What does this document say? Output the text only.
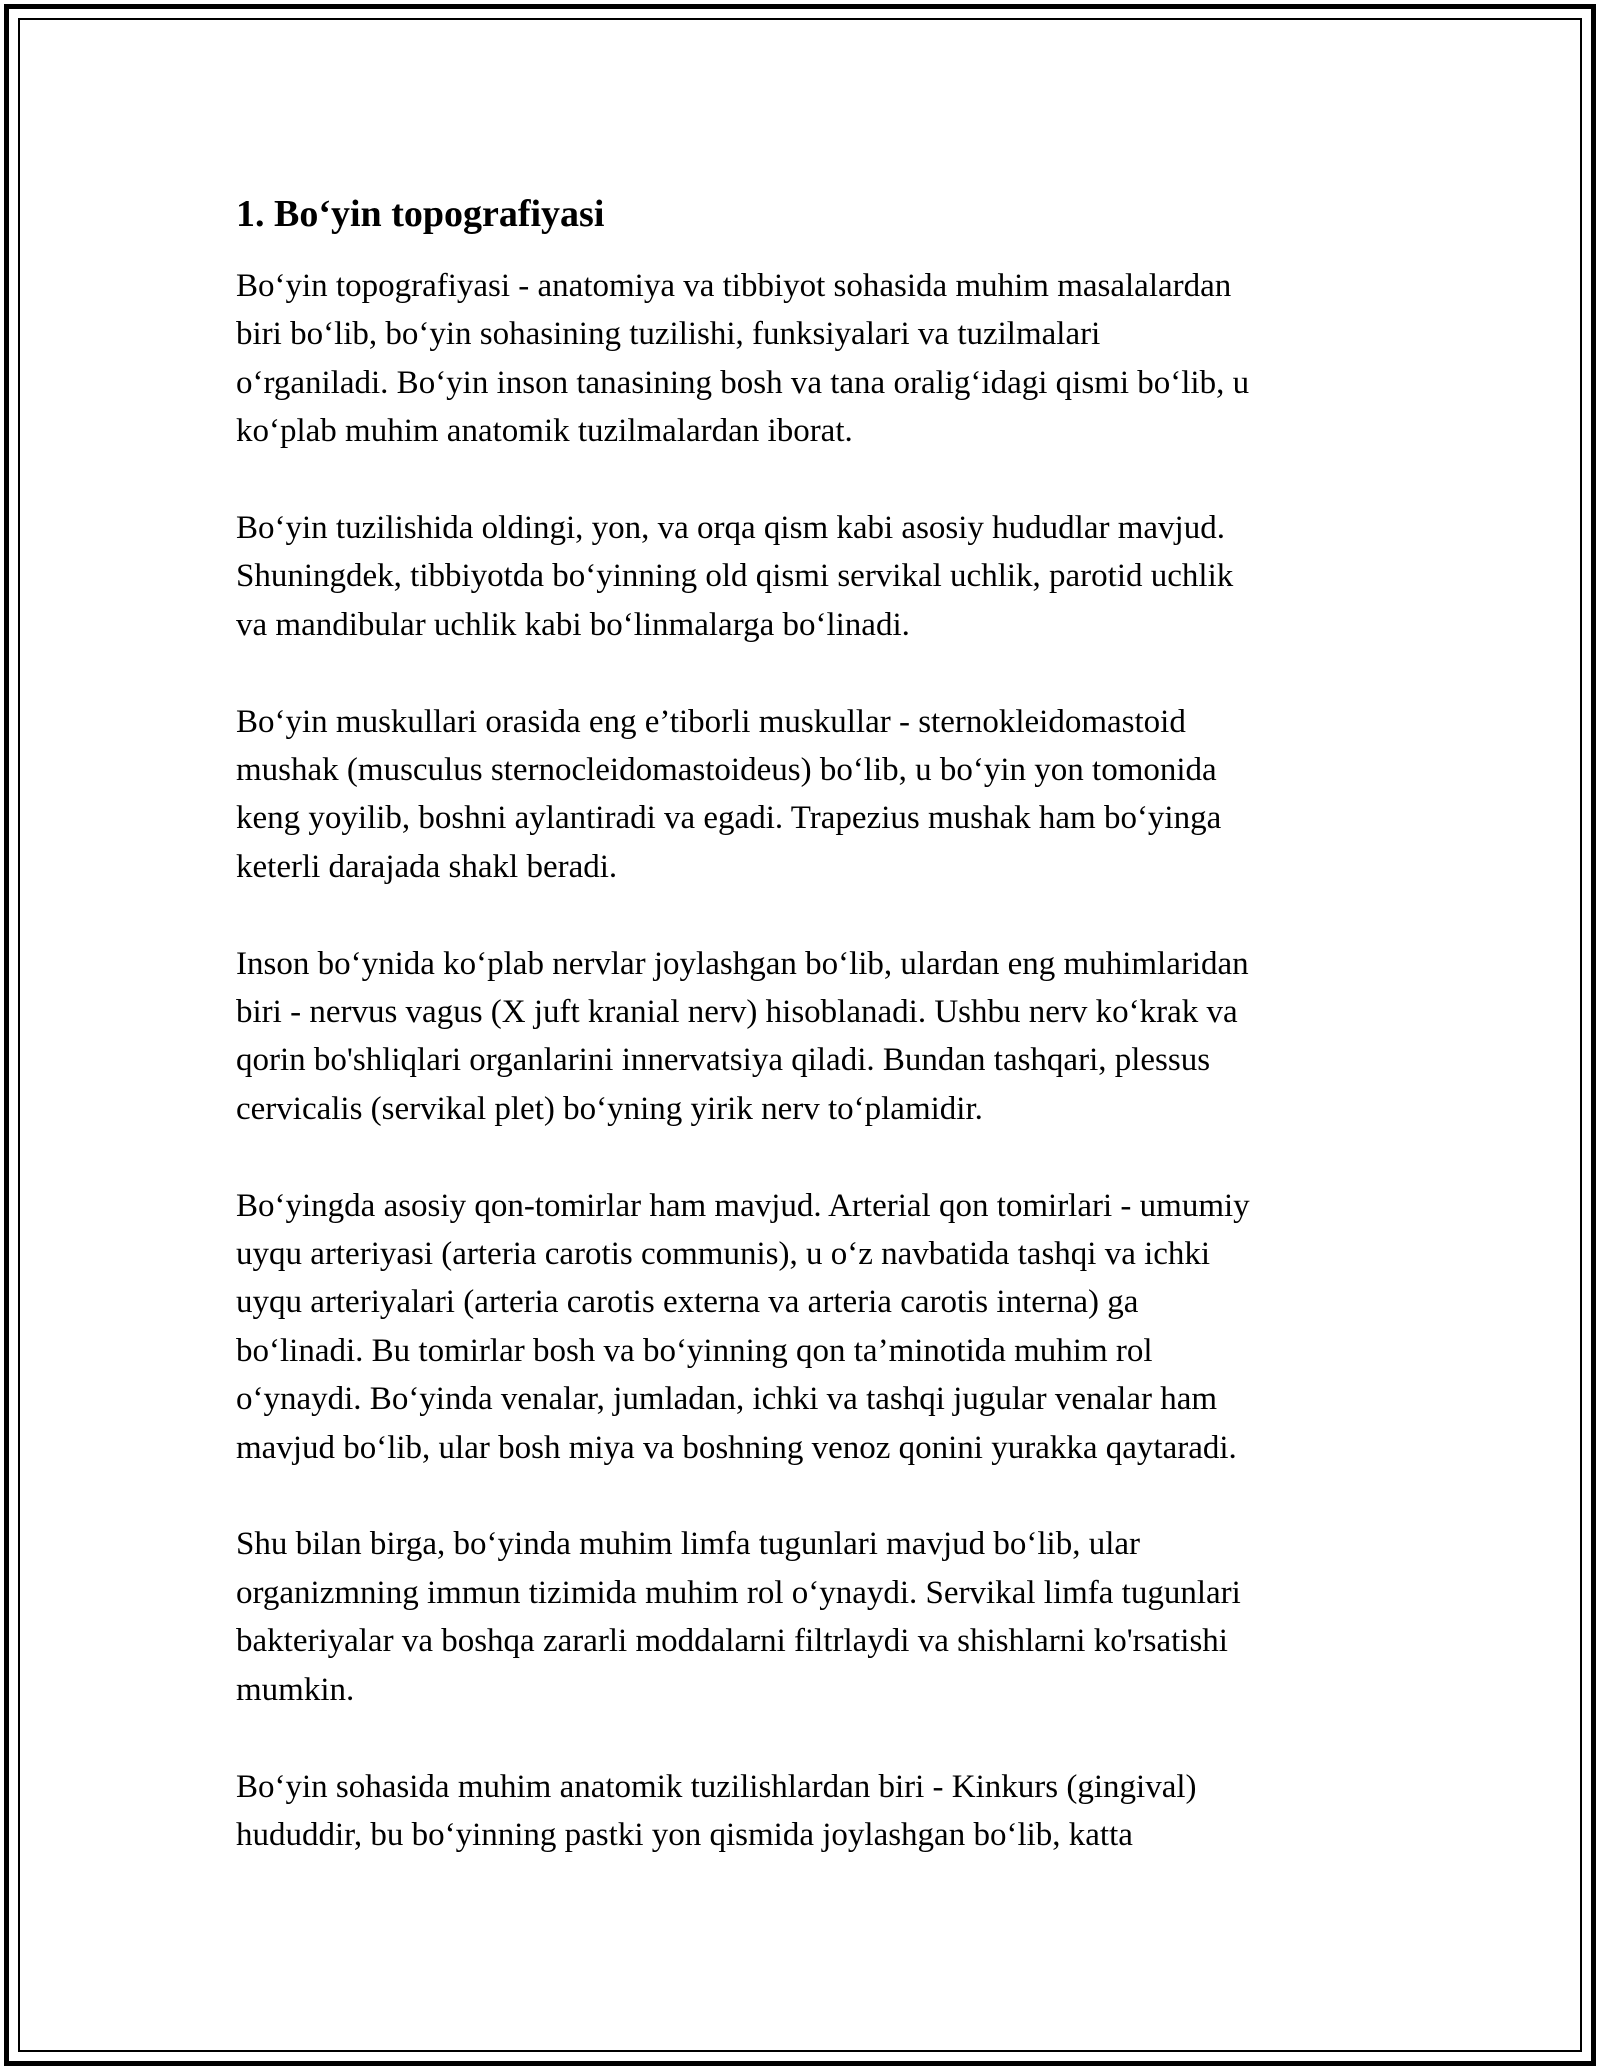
1. Bo‘yin topografiyasi

Bo‘yin topografiyasi - anatomiya va tibbiyot sohasida muhim masalalardan
biri bo‘lib, bo‘yin sohasining tuzilishi, funksiyalari va tuzilmalari
o‘rganiladi. Bo‘yin inson tanasining bosh va tana oralig‘idagi qismi bo‘lib, u
ko‘plab muhim anatomik tuzilmalardan iborat.

Bo‘yin tuzilishida oldingi, yon, va orqa qism kabi asosiy hududlar mavjud.
Shuningdek, tibbiyotda bo‘yinning old qismi servikal uchlik, parotid uchlik
va mandibular uchlik kabi bo‘linmalarga bo‘linadi.

Bo‘yin muskullari orasida eng e’tiborli muskullar - sternokleidomastoid
mushak (musculus sternocleidomastoideus) bo‘lib, u bo‘yin yon tomonida
keng yoyilib, boshni aylantiradi va egadi. Trapezius mushak ham bo‘yinga
keterli darajada shakl beradi.

Inson bo‘ynida ko‘plab nervlar joylashgan bo‘lib, ulardan eng muhimlaridan
biri - nervus vagus (X juft kranial nerv) hisoblanadi. Ushbu nerv ko‘krak va
qorin bo'shliqlari organlarini innervatsiya qiladi. Bundan tashqari, plessus
cervicalis (servikal plet) bo‘yning yirik nerv to‘plamidir.

Bo‘yingda asosiy qon-tomirlar ham mavjud. Arterial qon tomirlari - umumiy
uyqu arteriyasi (arteria carotis communis), u o‘z navbatida tashqi va ichki
uyqu arteriyalari (arteria carotis externa va arteria carotis interna) ga
bo‘linadi. Bu tomirlar bosh va bo‘yinning qon ta’minotida muhim rol
o‘ynaydi. Bo‘yinda venalar, jumladan, ichki va tashqi jugular venalar ham
mavjud bo‘lib, ular bosh miya va boshning venoz qonini yurakka qaytaradi.

Shu bilan birga, bo‘yinda muhim limfa tugunlari mavjud bo‘lib, ular
organizmning immun tizimida muhim rol o‘ynaydi. Servikal limfa tugunlari
bakteriyalar va boshqa zararli moddalarni filtrlaydi va shishlarni ko'rsatishi
mumkin.

Bo‘yin sohasida muhim anatomik tuzilishlardan biri - Kinkurs (gingival)
hududdir, bu bo‘yinning pastki yon qismida joylashgan bo‘lib, katta
